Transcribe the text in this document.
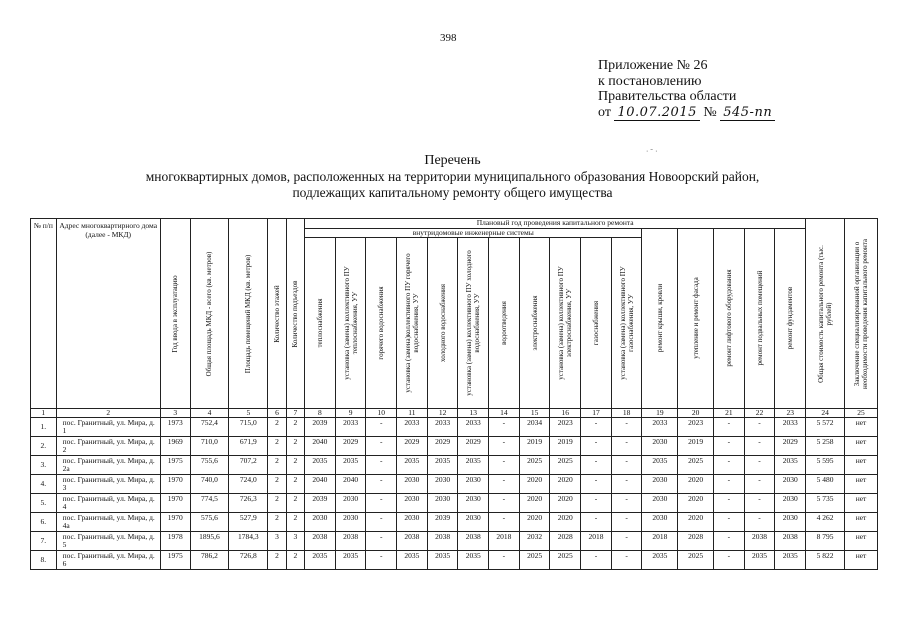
398
ᐧ ᐨ ᐧ
Приложение № 26
к постановлению
Правительства области
от 10.07.2015 № 545-пп
Перечень
многоквартирных домов, расположенных на территории муниципального образования Новоорский район,
подлежащих капитальному ремонту общего имущества
№ п/п	Адрес многоквартирного дома (далее - МКД)	Год ввода в эксплуатацию	Общая площадь МКД - всего (кв. метров)	Площадь помещений МКД (кв. метров)	Количество этажей	Количество подъездов	Плановый год проведения капитального ремонта																Общая стоимость капитального ремонта (тыс. рублей)	Заключение специализированной организации о необходимости проведения капитального ремонта

							внутридомовые инженерные системы											ремонт крыши, кровли	утепление и ремонт фасада	ремонт лифтового оборудования	ремонт подвальных помещений	ремонт фундаментов		

							теплоснабжения	установка (замена) коллективного ПУ теплоснабжения, УУ	горячего водоснабжения	установка (замена)коллективного ПУ горячего водоснабжения, УУ	холодного водоснабжения	установка (замена) коллективного ПУ холодного водоснабжения, УУ	водоотведения	электроснабжения	установка (замена) коллективного ПУ электроснабжения, УУ	газоснабжения	установка (замена) коллективного ПУ газоснабжения, УУ							

1	2	3	4	5	6	7	8	9	10	11	12	13	14	15	16	17	18	19	20	21	22	23	24	25
1.	пос. Гранитный, ул. Мира, д. 1	1973	752,4	715,0	2	2	2039	2033	-	2033	2033	2033	-	2034	2023	-	-	2033	2023	-	-	2033	5 572	нет
2.	пос. Гранитный, ул. Мира, д. 2	1969	710,0	671,9	2	2	2040	2029	-	2029	2029	2029	-	2019	2019	-	-	2030	2019	-	-	2029	5 258	нет
3.	пос. Гранитный, ул. Мира, д. 2а	1975	755,6	707,2	2	2	2035	2035	-	2035	2035	2035	-	2025	2025	-	-	2035	2025	-	-	2035	5 595	нет
4.	пос. Гранитный, ул. Мира, д. 3	1970	740,0	724,0	2	2	2040	2040	-	2030	2030	2030	-	2020	2020	-	-	2030	2020	-	-	2030	5 480	нет
5.	пос. Гранитный, ул. Мира, д. 4	1970	774,5	726,3	2	2	2039	2030	-	2030	2030	2030	-	2020	2020	-	-	2030	2020	-	-	2030	5 735	нет
6.	пос. Гранитный, ул. Мира, д. 4а	1970	575,6	527,9	2	2	2030	2030	-	2030	2039	2030	-	2020	2020	-	-	2030	2020	-	-	2030	4 262	нет
7.	пос. Гранитный, ул. Мира, д. 5	1978	1895,6	1784,3	3	3	2038	2038	-	2038	2038	2038	2018	2032	2028	2018	-	2018	2028	-	2038	2038	8 795	нет
8.	пос. Гранитный, ул. Мира, д. 6	1975	786,2	726,8	2	2	2035	2035	-	2035	2035	2035	-	2025	2025	-	-	2035	2025	-	2035	2035	5 822	нет
